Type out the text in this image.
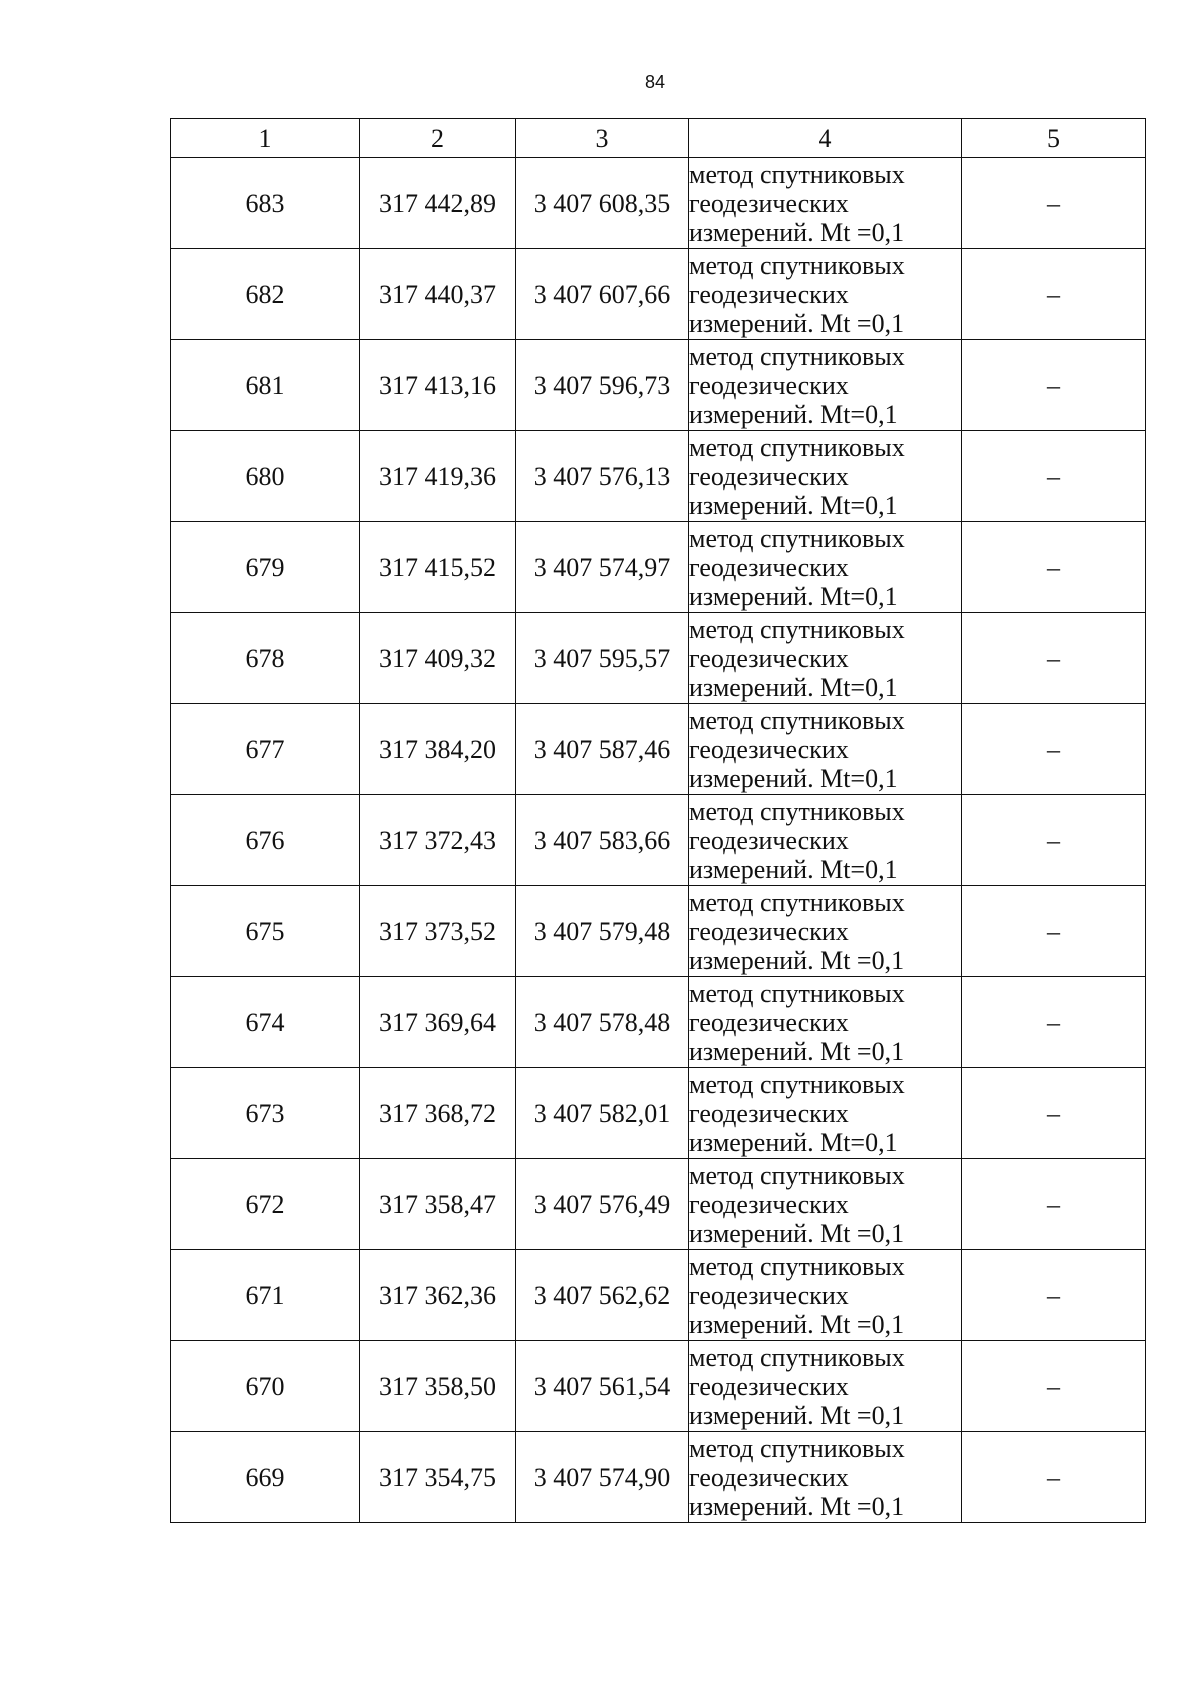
84
1	2	3	4	5
683	317 442,89	3 407 608,35	метод спутниковых
геодезических
измерений. Mt =0,1	–
682	317 440,37	3 407 607,66	метод спутниковых
геодезических
измерений. Mt =0,1	–
681	317 413,16	3 407 596,73	метод спутниковых
геодезических
измерений. Mt=0,1	–
680	317 419,36	3 407 576,13	метод спутниковых
геодезических
измерений. Mt=0,1	–
679	317 415,52	3 407 574,97	метод спутниковых
геодезических
измерений. Mt=0,1	–
678	317 409,32	3 407 595,57	метод спутниковых
геодезических
измерений. Mt=0,1	–
677	317 384,20	3 407 587,46	метод спутниковых
геодезических
измерений. Mt=0,1	–
676	317 372,43	3 407 583,66	метод спутниковых
геодезических
измерений. Mt=0,1	–
675	317 373,52	3 407 579,48	метод спутниковых
геодезических
измерений. Mt =0,1	–
674	317 369,64	3 407 578,48	метод спутниковых
геодезических
измерений. Mt =0,1	–
673	317 368,72	3 407 582,01	метод спутниковых
геодезических
измерений. Mt=0,1	–
672	317 358,47	3 407 576,49	метод спутниковых
геодезических
измерений. Mt =0,1	–
671	317 362,36	3 407 562,62	метод спутниковых
геодезических
измерений. Mt =0,1	–
670	317 358,50	3 407 561,54	метод спутниковых
геодезических
измерений. Mt =0,1	–
669	317 354,75	3 407 574,90	метод спутниковых
геодезических
измерений. Mt =0,1	–
